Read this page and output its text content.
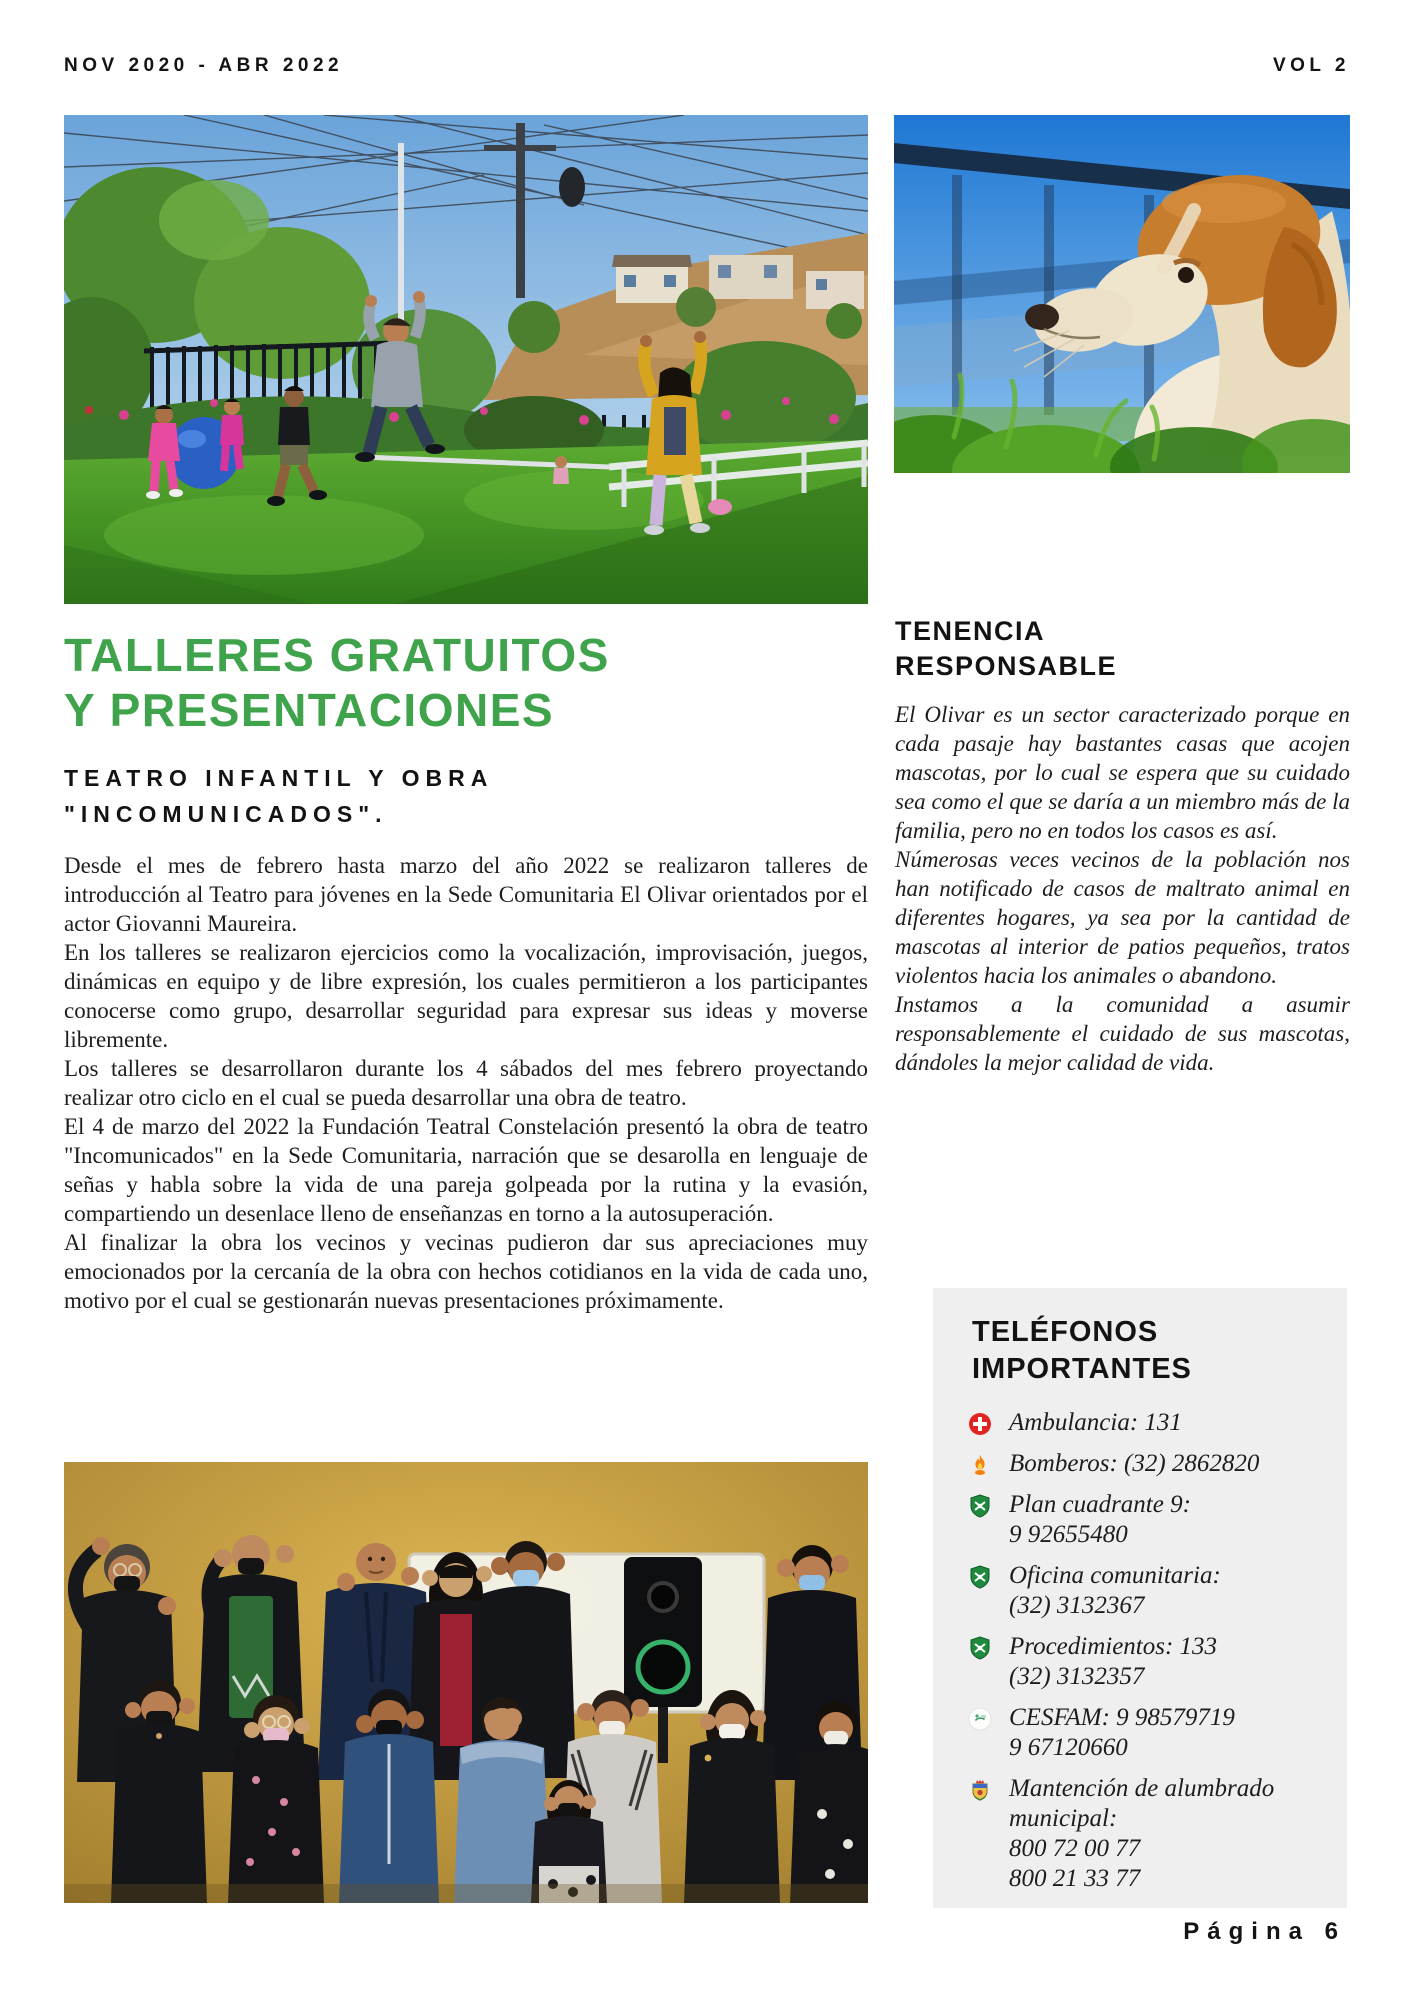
NOV 2020 - ABR 2022	VOL 2
TALLERES GRATUITOS
Y PRESENTACIONES
TEATRO INFANTIL Y OBRA
"INCOMUNICADOS".

Desde el mes de febrero hasta marzo del año 2022 se realizaron talleres de introducción al Teatro para jóvenes en la Sede Comunitaria El Olivar orientados por el actor Giovanni Maureira.

En los talleres se realizaron ejercicios como la vocalización, improvisación, juegos, dinámicas en equipo y de libre expresión, los cuales permitieron a los participantes conocerse como grupo, desarrollar seguridad para expresar sus ideas y moverse libremente.

Los talleres se desarrollaron durante los 4 sábados del mes febrero proyectando realizar otro ciclo en el cual se pueda desarrollar una obra de teatro.

El 4 de marzo del 2022 la Fundación Teatral Constelación presentó la obra de teatro "Incomunicados" en la Sede Comunitaria, narración que se desarolla en lenguaje de señas y habla sobre la vida de una pareja golpeada por la rutina y la evasión, compartiendo un desenlace lleno de enseñanzas en torno a la autosuperación.

Al finalizar la obra los vecinos y vecinas pudieron dar sus apreciaciones muy emocionados por la cercanía de la obra con hechos cotidianos en la vida de cada uno, motivo por el cual se gestionarán nuevas presentaciones próximamente.

TENENCIA
RESPONSABLE

El Olivar es un sector caracterizado porque en cada pasaje hay bastantes casas que acojen mascotas, por lo cual se espera que su cuidado sea como el que se daría a un miembro más de la familia, pero no en todos los casos es así.

Númerosas veces vecinos de la población nos han notificado de casos de maltrato animal en diferentes hogares, ya sea por la cantidad de mascotas al interior de patios pequeños, tratos violentos hacia los animales o abandono.

Instamos a la comunidad a asumir responsablemente el cuidado de sus mascotas, dándoles la mejor calidad de vida.

TELÉFONOS
IMPORTANTES
Ambulancia: 131
Bomberos: (32) 2862820
Plan cuadrante 9:
9 92655480
Oficina comunitaria:
(32) 3132367
Procedimientos: 133
(32) 3132357
CESFAM: 9 98579719
9 67120660
Mantención de alumbrado
municipal:
800 72 00 77
800 21 33 77
Página 6
